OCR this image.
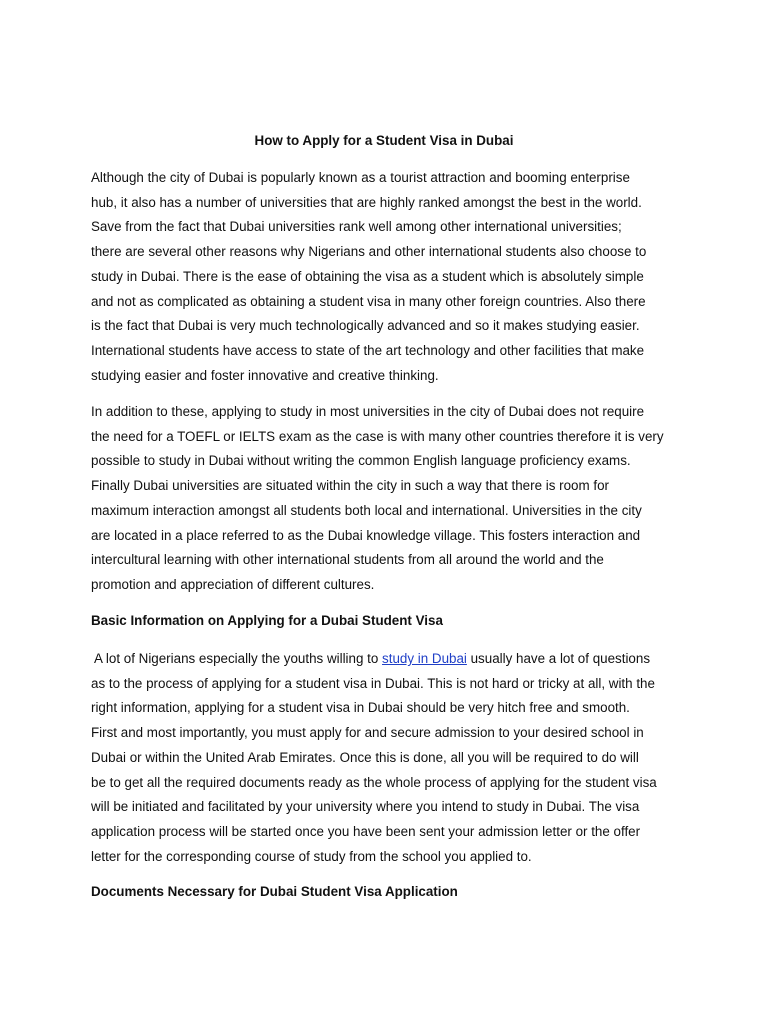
How to Apply for a Student Visa in Dubai

Although the city of Dubai is popularly known as a tourist attraction and booming enterprise
hub, it also has a number of universities that are highly ranked amongst the best in the world.
Save from the fact that Dubai universities rank well among other international universities;
there are several other reasons why Nigerians and other international students also choose to
study in Dubai. There is the ease of obtaining the visa as a student which is absolutely simple
and not as complicated as obtaining a student visa in many other foreign countries. Also there
is the fact that Dubai is very much technologically advanced and so it makes studying easier.
International students have access to state of the art technology and other facilities that make
studying easier and foster innovative and creative thinking.

In addition to these, applying to study in most universities in the city of Dubai does not require
the need for a TOEFL or IELTS exam as the case is with many other countries therefore it is very
possible to study in Dubai without writing the common English language proficiency exams.
Finally Dubai universities are situated within the city in such a way that there is room for
maximum interaction amongst all students both local and international. Universities in the city
are located in a place referred to as the Dubai knowledge village. This fosters interaction and
intercultural learning with other international students from all around the world and the
promotion and appreciation of different cultures.

Basic Information on Applying for a Dubai Student Visa

A lot of Nigerians especially the youths willing to study in Dubai usually have a lot of questions
as to the process of applying for a student visa in Dubai. This is not hard or tricky at all, with the
right information, applying for a student visa in Dubai should be very hitch free and smooth.
First and most importantly, you must apply for and secure admission to your desired school in
Dubai or within the United Arab Emirates. Once this is done, all you will be required to do will
be to get all the required documents ready as the whole process of applying for the student visa
will be initiated and facilitated by your university where you intend to study in Dubai. The visa
application process will be started once you have been sent your admission letter or the offer
letter for the corresponding course of study from the school you applied to.

Documents Necessary for Dubai Student Visa Application
